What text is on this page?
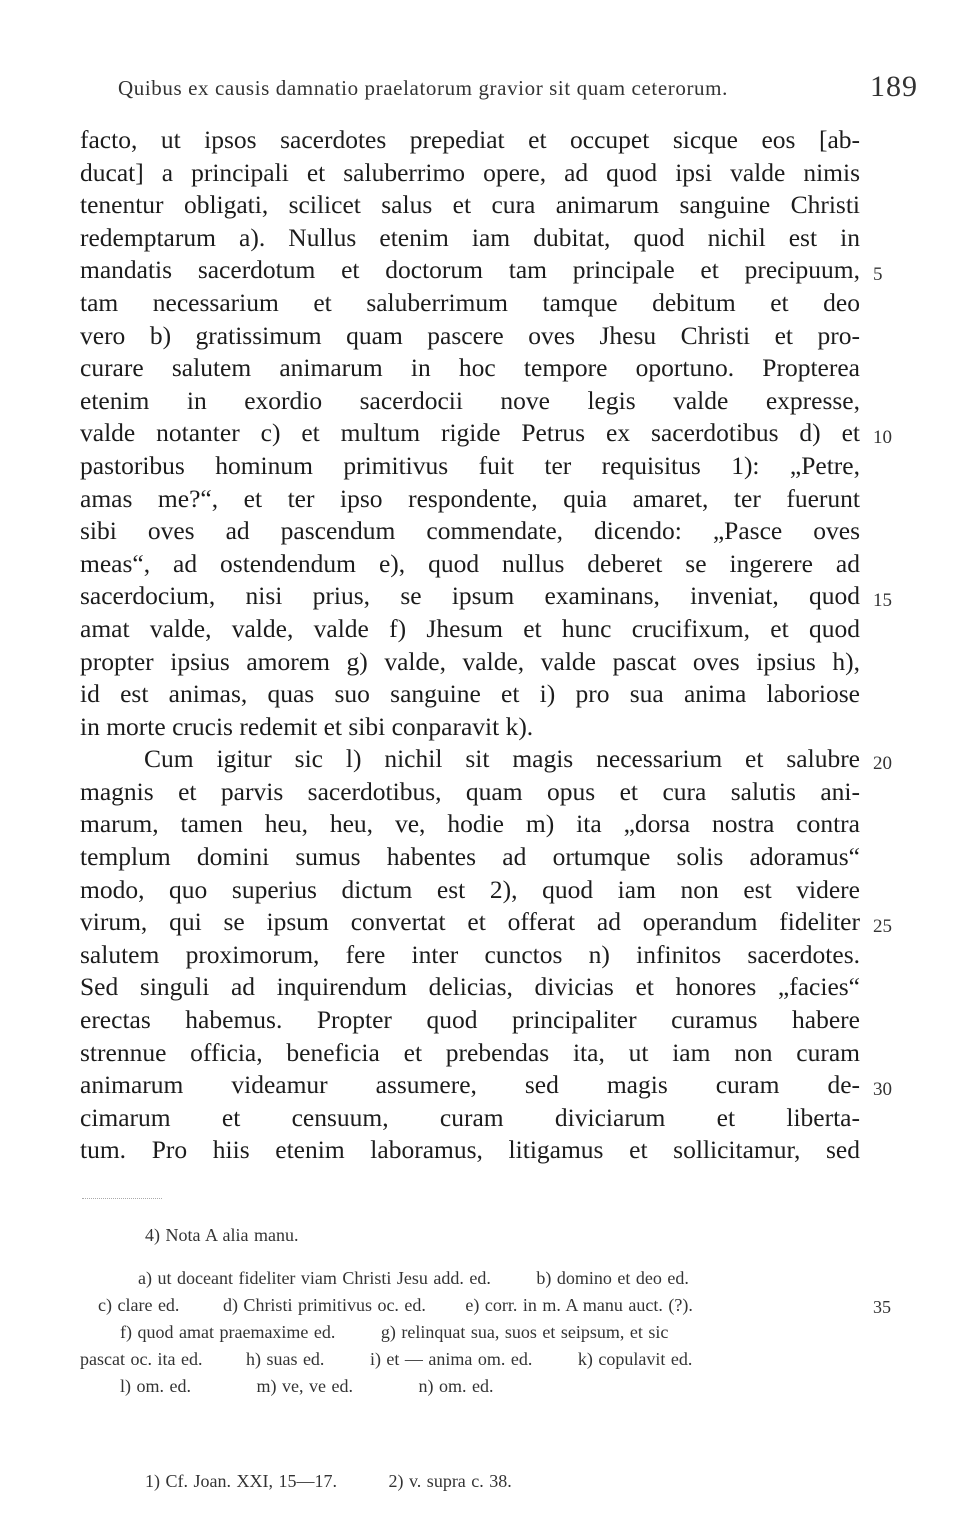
Quibus ex causis damnatio praelatorum gravior sit quam ceterorum.	189
facto, ut ipsos sacerdotes prepediat et occupet sicque eos [ab-
ducat] a principali et saluberrimo opere, ad quod ipsi valde nimis
tenentur obligati, scilicet salus et cura animarum sanguine Christi
redemptarum a). Nullus etenim iam dubitat, quod nichil est in
mandatis sacerdotum et doctorum tam principale et precipuum,
tam necessarium et saluberrimum tamque debitum et deo
vero b) gratissimum quam pascere oves Jhesu Christi et pro-
curare salutem animarum in hoc tempore oportuno. Propterea
etenim in exordio sacerdocii nove legis valde expresse,
valde notanter c) et multum rigide Petrus ex sacerdotibus d) et
pastoribus hominum primitivus fuit ter requisitus 1): „Petre,
amas me?“, et ter ipso respondente, quia amaret, ter fuerunt
sibi oves ad pascendum commendate, dicendo: „Pasce oves
meas“, ad ostendendum e), quod nullus deberet se ingerere ad
sacerdocium, nisi prius, se ipsum examinans, inveniat, quod
amat valde, valde, valde f) Jhesum et hunc crucifixum, et quod
propter ipsius amorem g) valde, valde, valde pascat oves ipsius h),
id est animas, quas suo sanguine et i) pro sua anima laboriose
in morte crucis redemit et sibi conparavit k).
Cum igitur sic l) nichil sit magis necessarium et salubre
magnis et parvis sacerdotibus, quam opus et cura salutis ani-
marum, tamen heu, heu, ve, hodie m) ita „dorsa nostra contra
templum domini sumus habentes ad ortumque solis adoramus“
modo, quo superius dictum est 2), quod iam non est videre
virum, qui se ipsum convertat et offerat ad operandum fideliter
salutem proximorum, fere inter cunctos n) infinitos sacerdotes.
Sed singuli ad inquirendum delicias, divicias et honores „facies“
erectas habemus. Propter quod principaliter curamus habere
strennue officia, beneficia et prebendas ita, ut iam non curam
animarum videamur assumere, sed magis curam de-
cimarum et censuum, curam diviciarum et liberta-
tum. Pro hiis etenim laboramus, litigamus et sollicitamur, sed
5
10
15
20
25
30
4) Nota A alia manu.
a) ut doceant fideliter viam Christi Jesu add. ed.	b) domino et deo ed.
c) clare ed. d) Christi primitivus oc. ed. e) corr. in m. A manu auct. (?).	35
f) quod amat praemaxime ed.	g) relinquat sua, suos et seipsum, et sic
pascat oc. ita ed. h) suas ed.	i) et — anima om. ed.	k) copulavit ed.
l) om. ed.	m) ve, ve ed.	n) om. ed.
1) Cf. Joan. XXI, 15—17.	2) v. supra c. 38.
